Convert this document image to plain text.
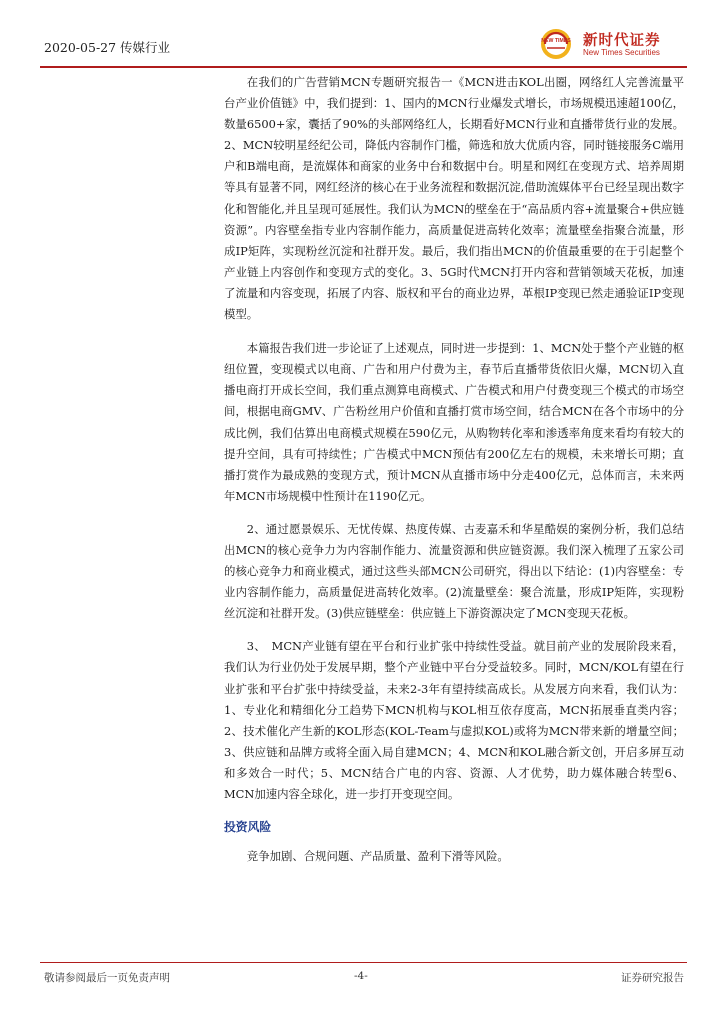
2020-05-27 传媒行业	NEW TIMES 新时代证券
New Times Securities

在我们的广告营销MCN专题研究报告一《MCN进击KOL出圈，网络红人完善流量平台产业价值链》中，我们提到：1、国内的MCN行业爆发式增长，市场规模迅速超100亿，数量6500+家，囊括了90%的头部网络红人，长期看好MCN行业和直播带货行业的发展。2、MCN较明星经纪公司，降低内容制作门槛，筛选和放大优质内容，同时链接服务C端用户和B端电商，是流媒体和商家的业务中台和数据中台。明星和网红在变现方式、培养周期等具有显著不同，网红经济的核心在于业务流程和数据沉淀,借助流媒体平台已经呈现出数字化和智能化,并且呈现可延展性。我们认为MCN的壁垒在于“高品质内容+流量聚合+供应链资源”。内容壁垒指专业内容制作能力，高质量促进高转化效率；流量壁垒指聚合流量，形成IP矩阵，实现粉丝沉淀和社群开发。最后，我们指出MCN的价值最重要的在于引起整个产业链上内容创作和变现方式的变化。3、5G时代MCN打开内容和营销领域天花板，加速了流量和内容变现，拓展了内容、版权和平台的商业边界，革根IP变现已然走通验证IP变现模型。

本篇报告我们进一步论证了上述观点，同时进一步提到：1、MCN处于整个产业链的枢纽位置，变现模式以电商、广告和用户付费为主，春节后直播带货依旧火爆，MCN切入直播电商打开成长空间，我们重点测算电商模式、广告模式和用户付费变现三个模式的市场空间，根据电商GMV、广告粉丝用户价值和直播打赏市场空间，结合MCN在各个市场中的分成比例，我们估算出电商模式规模在590亿元，从购物转化率和渗透率角度来看均有较大的提升空间，具有可持续性；广告模式中MCN预估有200亿左右的规模，未来增长可期；直播打赏作为最成熟的变现方式，预计MCN从直播市场中分走400亿元，总体而言，未来两年MCN市场规模中性预计在1190亿元。

2、通过愿景娱乐、无忧传媒、热度传媒、古麦嘉禾和华星酷娱的案例分析，我们总结出MCN的核心竞争力为内容制作能力、流量资源和供应链资源。我们深入梳理了五家公司的核心竞争力和商业模式，通过这些头部MCN公司研究，得出以下结论：(1)内容壁垒：专业内容制作能力，高质量促进高转化效率。(2)流量壁垒：聚合流量，形成IP矩阵，实现粉丝沉淀和社群开发。(3)供应链壁垒：供应链上下游资源决定了MCN变现天花板。

3、　MCN产业链有望在平台和行业扩张中持续性受益。就目前产业的发展阶段来看，我们认为行业仍处于发展早期，整个产业链中平台分受益较多。同时，MCN/KOL有望在行业扩张和平台扩张中持续受益，未来2-3年有望持续高成长。从发展方向来看，我们认为：1、专业化和精细化分工趋势下MCN机构与KOL相互依存度高，MCN拓展垂直类内容；2、技术催化产生新的KOL形态(KOL-Team与虚拟KOL)或将为MCN带来新的增量空间；3、供应链和品牌方或将全面入局自建MCN；4、MCN和KOL融合新文创，开启多屏互动和多效合一时代；5、MCN结合广电的内容、资源、人才优势，助力媒体融合转型6、MCN加速内容全球化，进一步打开变现空间。

投资风险

竞争加剧、合规问题、产品质量、盈利下滑等风险。

敬请参阅最后一页免责声明	-4-	证券研究报告
